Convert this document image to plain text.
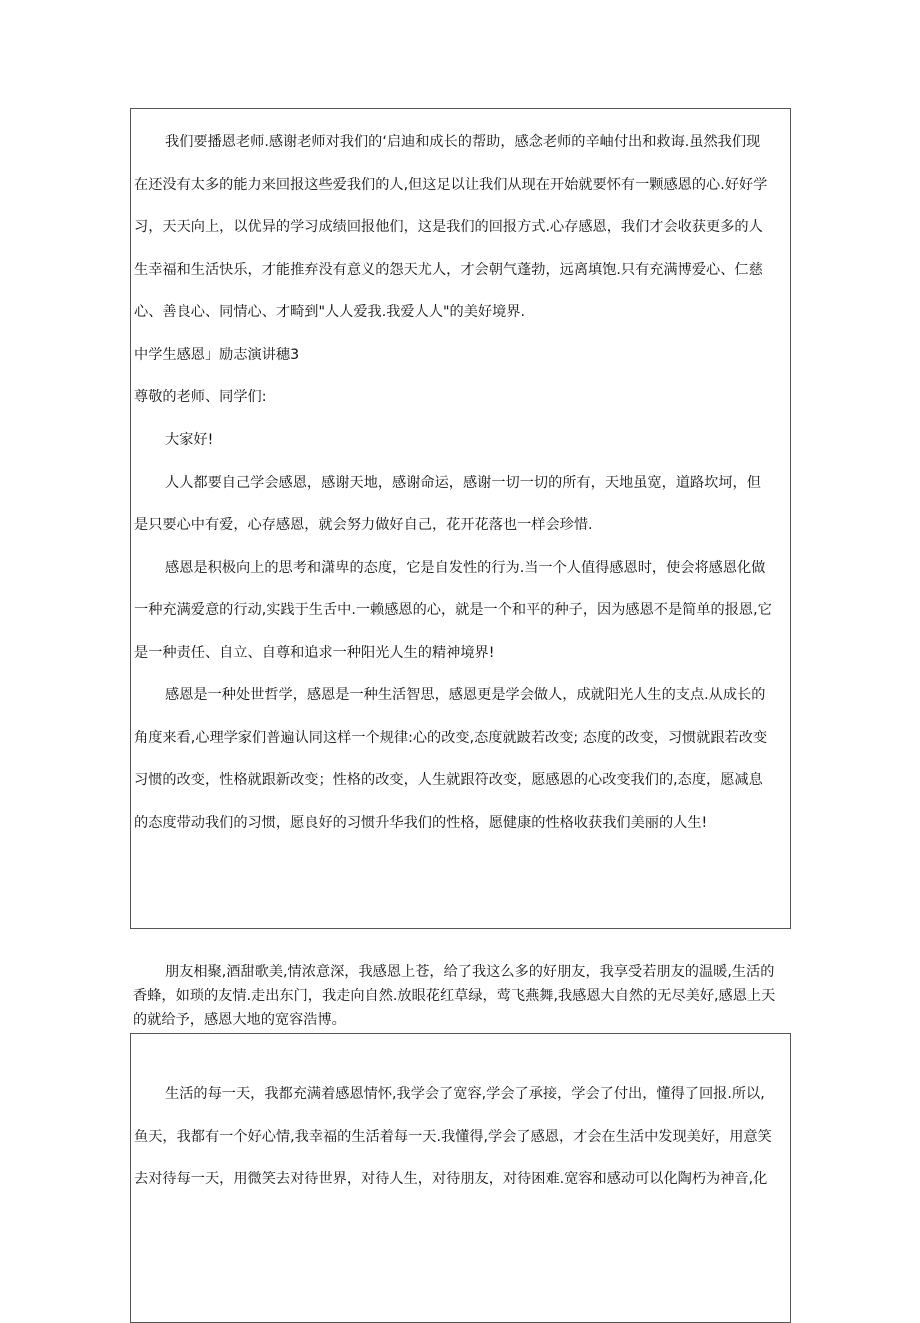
我们要播恩老师.感谢老师对我们的‘启迪和成长的帮助，感念老师的辛岫付出和救诲.虽然我们现
在还没有太多的能力来回报这些爱我们的人,但这足以让我们从现在开始就要怀有一颗感恩的心.好好学
习，天天向上，以优异的学习成绩回报他们，这是我们的回报方式.心存感恩，我们才会收获更多的人
生幸福和生活快乐，才能推弃没有意义的怨天尤人，才会朝气蓬勃，远离填饱.只有充满博爱心、仁慈
心、善良心、同情心、才畸到"人人爱我.我爱人人"的美好境界.
中学生感恩」励志演讲穗3
尊敬的老师、同学们:
大家好!
人人都要自己学会感恩，感谢天地，感谢命运，感谢一切一切的所有，天地虽宽，道路坎坷，但
是只要心中有爱，心存感恩，就会努力做好自己，花开花落也一样会珍惜.
感恩是积极向上的思考和潇卑的态度，它是自发性的行为.当一个人值得感恩时，使会将感恩化做
一种充满爱意的行动,实践于生舌中.一赖感恩的心，就是一个和平的种子，因为感恩不是简单的报恩,它
是一种责任、自立、自尊和追求一种阳光人生的精神境界!
感恩是一种处世哲学，感恩是一种生活智思，感恩更是学会做人，成就阳光人生的支点.从成长的
角度来看,心理学家们普遍认同这样一个规律:心的改变,态度就跛若改变; 态度的改变，习惯就跟若改变
习惯的改变，性格就跟新改变；性格的改变，人生就跟符改变，愿感恩的心改变我们的,态度，愿减息
的态度带动我们的习惯，愿良好的习惯升华我们的性格，愿健康的性格收获我们美丽的人生!
朋友相聚,酒甜歌美,情浓意深，我感恩上苍，给了我这么多的好朋友，我享受若朋友的温暖,生活的
香蜂，如琐的友情.走出东门，我走向自然.放眼花红草绿，莺飞燕舞,我感恩大自然的无尽美好,感恩上天
的就给予，感恩大地的宽容浩博。
生活的每一天，我都充满着感恩情怀,我学会了宽容,学会了承接，学会了付出，懂得了回报.所以,
鱼天，我都有一个好心情,我幸福的生活着每一天.我懂得,学会了感恩，才会在生活中发现美好，用意笑
去对待每一天，用微笑去对待世界，对待人生，对待朋友，对待困难.宽容和感动可以化陶朽为神音,化
